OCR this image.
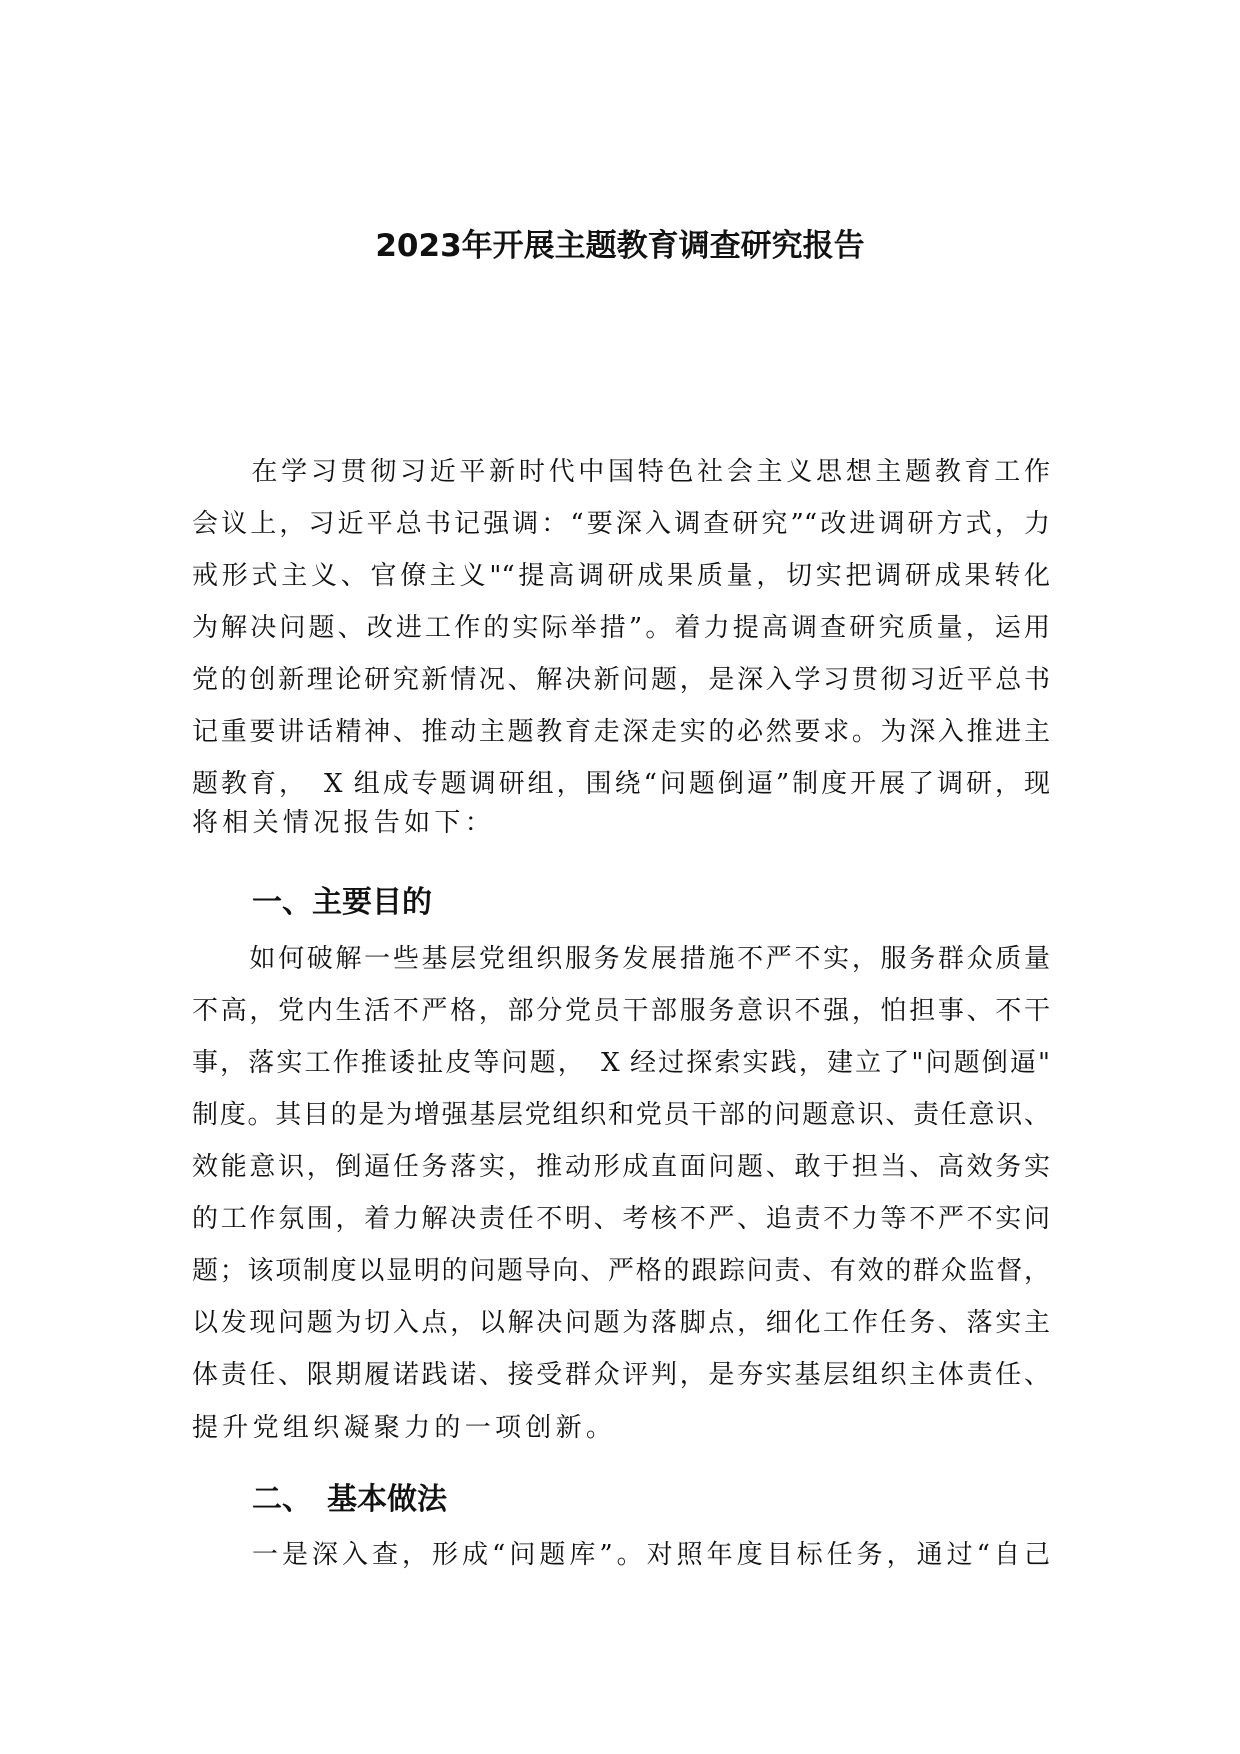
2023年开展主题教育调查研究报告
　　在学习贯彻习近平新时代中国特色社会主义思想主题教育工作
会议上，习近平总书记强调：“要深入调查研究”“改进调研方式，力
戒形式主义、官僚主义"“提高调研成果质量，切实把调研成果转化
为解决问题、改进工作的实际举措”。着力提高调查研究质量，运用
党的创新理论研究新情况、解决新问题，是深入学习贯彻习近平总书
记重要讲话精神、推动主题教育走深走实的必然要求。为深入推进主
题教育，　X 组成专题调研组，围绕“问题倒逼”制度开展了调研，现
将相关情况报告如下：
一、主要目的
　　如何破解一些基层党组织服务发展措施不严不实，服务群众质量
不高，党内生活不严格，部分党员干部服务意识不强，怕担事、不干
事，落实工作推诿扯皮等问题，　X 经过探索实践，建立了"问题倒逼"
制度。其目的是为增强基层党组织和党员干部的问题意识、责任意识、
效能意识，倒逼任务落实，推动形成直面问题、敢于担当、高效务实
的工作氛围，着力解决责任不明、考核不严、追责不力等不严不实问
题；该项制度以显明的问题导向、严格的跟踪问责、有效的群众监督，
以发现问题为切入点，以解决问题为落脚点，细化工作任务、落实主
体责任、限期履诺践诺、接受群众评判，是夯实基层组织主体责任、
提升党组织凝聚力的一项创新。
二、　基本做法
　　一是深入查，形成“问题库”。对照年度目标任务，通过“自己
